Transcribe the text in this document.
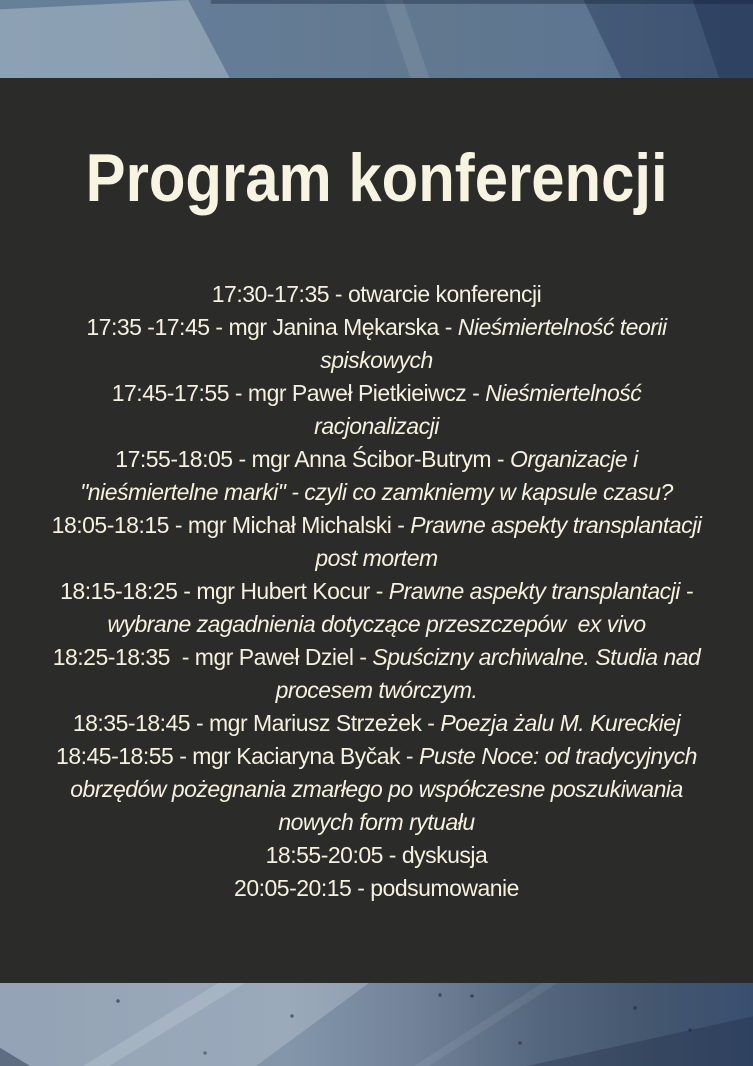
Program konferencji

17:30-17:35 - otwarcie konferencji

17:35 -17:45 - mgr Janina Mękarska - Nieśmiertelność teorii spiskowych

17:45-17:55 - mgr Paweł Pietkieiwcz - Nieśmiertelność racjonalizacji

17:55-18:05 - mgr Anna Ścibor-Butrym - Organizacje i "nieśmiertelne marki" - czyli co zamkniemy w kapsule czasu?

18:05-18:15 - mgr Michał Michalski - Prawne aspekty transplantacji post mortem

18:15-18:25 - mgr Hubert Kocur - Prawne aspekty transplantacji - wybrane zagadnienia dotyczące przeszczepów  ex vivo

18:25-18:35  - mgr Paweł Dziel - Spuścizny archiwalne. Studia nad procesem twórczym.

18:35-18:45 - mgr Mariusz Strzeżek - Poezja żalu M. Kureckiej

18:45-18:55 - mgr Kaciaryna Byčak - Puste Noce: od tradycyjnych obrzędów pożegnania zmarłego po współczesne poszukiwania nowych form rytuału

18:55-20:05 - dyskusja

20:05-20:15 - podsumowanie
